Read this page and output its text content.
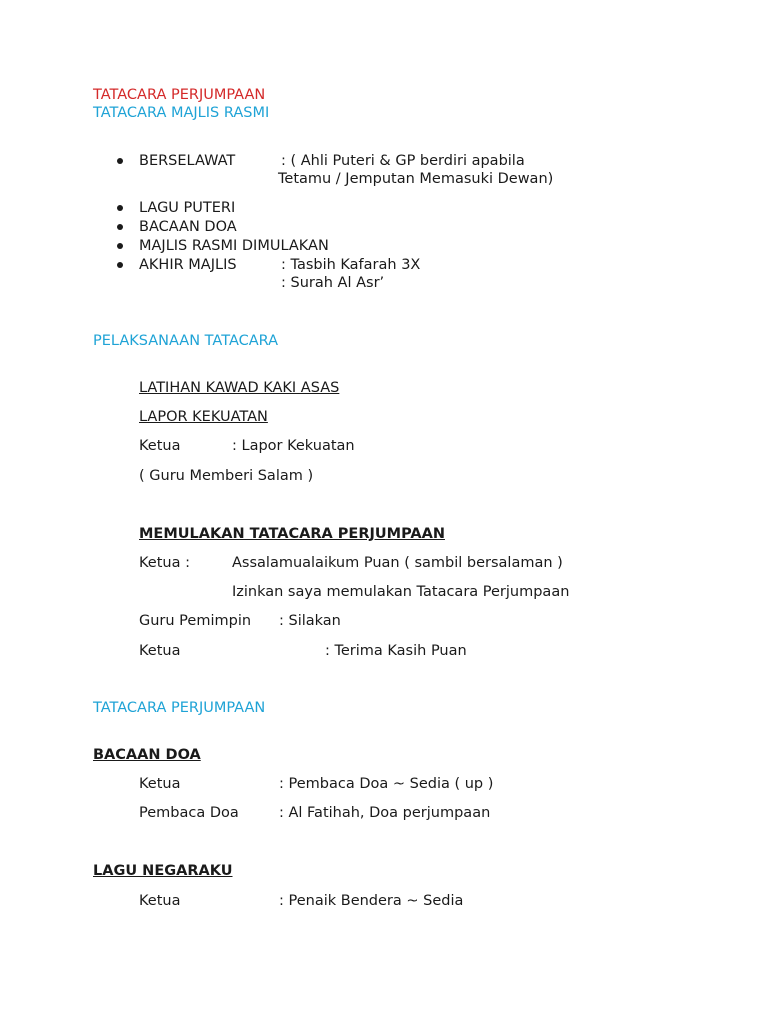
TATACARA PERJUMPAAN
TATACARA MAJLIS RASMI
BERSELAWAT	: ( Ahli Puteri & GP berdiri apabila
Tetamu / Jemputan Memasuki Dewan)
LAGU PUTERI
BACAAN DOA
MAJLIS RASMI DIMULAKAN
AKHIR MAJLIS	: Tasbih Kafarah 3X
: Surah Al Asr’
PELAKSANAAN TATACARA
LATIHAN KAWAD KAKI ASAS
LAPOR KEKUATAN
Ketua	: Lapor Kekuatan
( Guru Memberi Salam )
MEMULAKAN TATACARA PERJUMPAAN
Ketua :	Assalamualaikum Puan ( sambil bersalaman )
Izinkan saya memulakan Tatacara Perjumpaan
Guru Pemimpin : Silakan
Ketua	: Terima Kasih Puan
TATACARA PERJUMPAAN
BACAAN DOA
Ketua	: Pembaca Doa ~ Sedia ( up )
Pembaca Doa	: Al Fatihah, Doa perjumpaan
LAGU NEGARAKU
Ketua	: Penaik Bendera ~ Sedia
